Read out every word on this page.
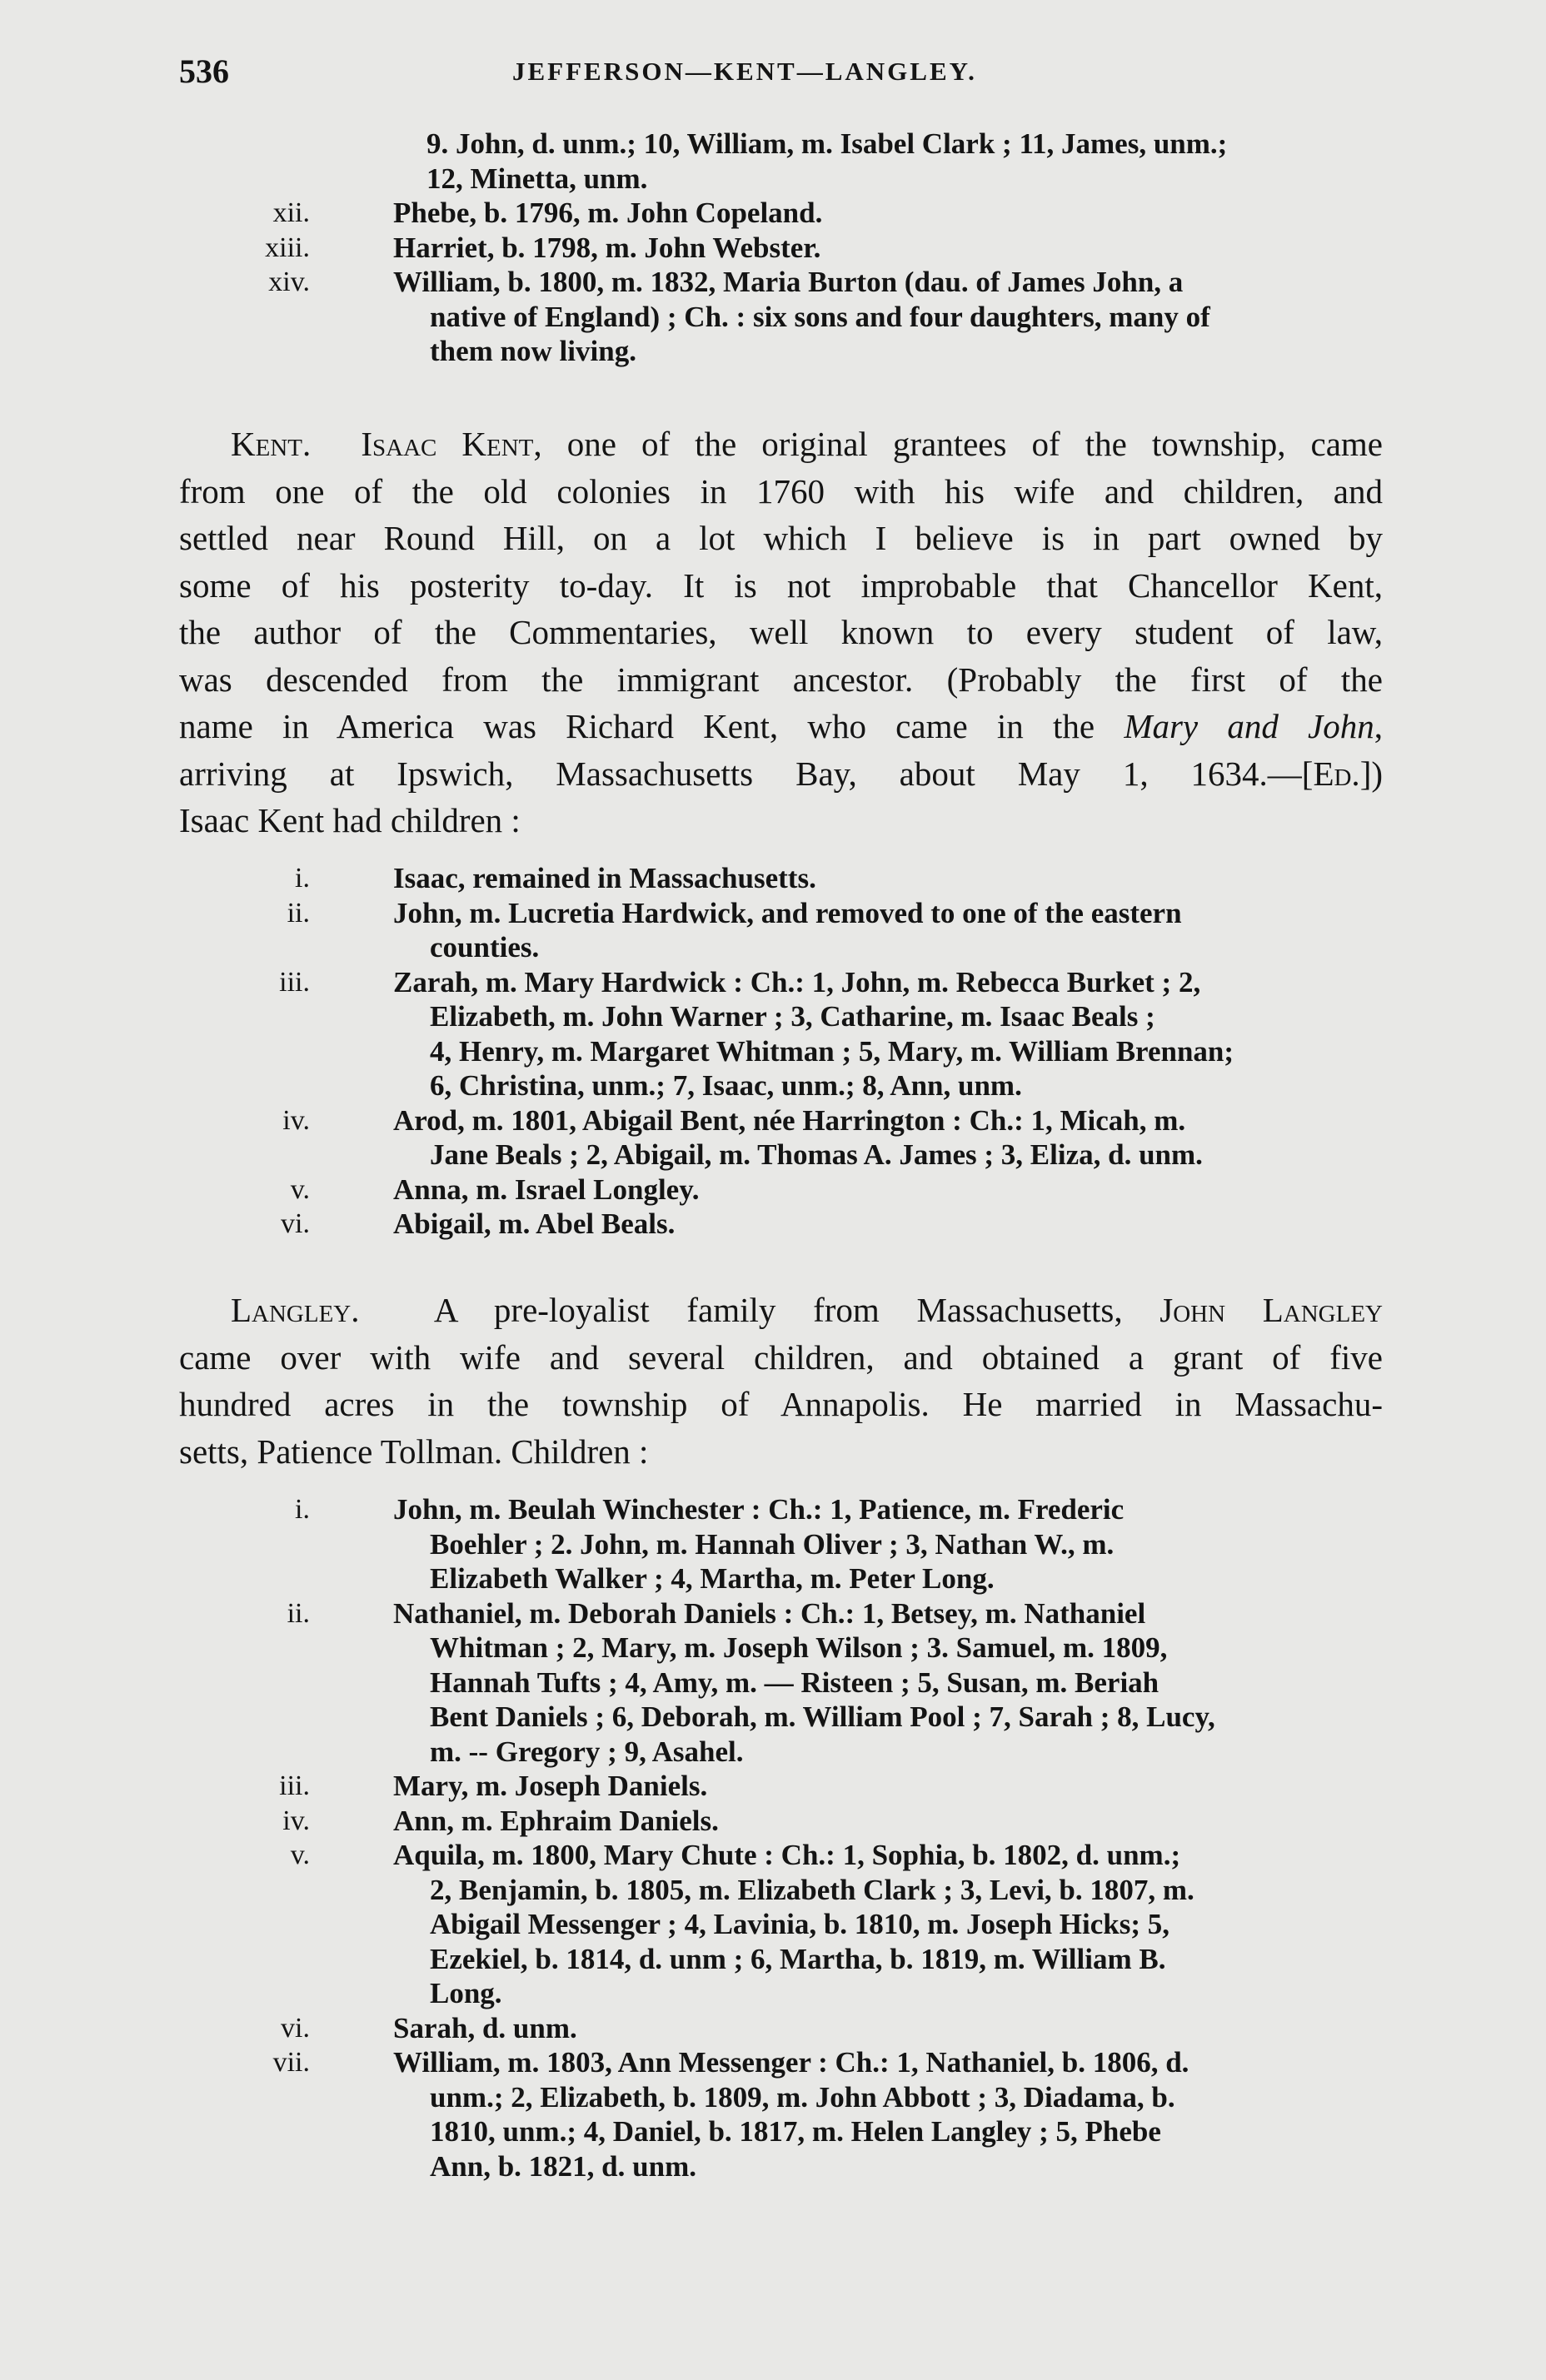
536	JEFFERSON—KENT—LANGLEY.
9. John, d. unm.; 10, William, m. Isabel Clark ; 11, James, unm.;
12, Minetta, unm.
xii.	Phebe, b. 1796, m. John Copeland.
xiii.	Harriet, b. 1798, m. John Webster.
xiv.	William, b. 1800, m. 1832, Maria Burton (dau. of James John, a
native of England) ; Ch. : six sons and four daughters, many of
them now living.
Kent. Isaac Kent, one of the original grantees of the township, came
from one of the old colonies in 1760 with his wife and children, and
settled near Round Hill, on a lot which I believe is in part owned by
some of his posterity to-day. It is not improbable that Chancellor Kent,
the author of the Commentaries, well known to every student of law,
was descended from the immigrant ancestor. (Probably the first of the
name in America was Richard Kent, who came in the Mary and John,
arriving at Ipswich, Massachusetts Bay, about May 1, 1634.—[Ed.])
Isaac Kent had children :
i.	Isaac, remained in Massachusetts.
ii.	John, m. Lucretia Hardwick, and removed to one of the eastern
counties.
iii.	Zarah, m. Mary Hardwick : Ch.: 1, John, m. Rebecca Burket ; 2,
Elizabeth, m. John Warner ; 3, Catharine, m. Isaac Beals ;
4, Henry, m. Margaret Whitman ; 5, Mary, m. William Brennan;
6, Christina, unm.; 7, Isaac, unm.; 8, Ann, unm.
iv.	Arod, m. 1801, Abigail Bent, née Harrington : Ch.: 1, Micah, m.
Jane Beals ; 2, Abigail, m. Thomas A. James ; 3, Eliza, d. unm.
v.	Anna, m. Israel Longley.
vi.	Abigail, m. Abel Beals.
Langley. A pre-loyalist family from Massachusetts, John Langley
came over with wife and several children, and obtained a grant of five
hundred acres in the township of Annapolis. He married in Massachu-
setts, Patience Tollman. Children :
i.	John, m. Beulah Winchester : Ch.: 1, Patience, m. Frederic
Boehler ; 2. John, m. Hannah Oliver ; 3, Nathan W., m.
Elizabeth Walker ; 4, Martha, m. Peter Long.
ii.	Nathaniel, m. Deborah Daniels : Ch.: 1, Betsey, m. Nathaniel
Whitman ; 2, Mary, m. Joseph Wilson ; 3. Samuel, m. 1809,
Hannah Tufts ; 4, Amy, m. — Risteen ; 5, Susan, m. Beriah
Bent Daniels ; 6, Deborah, m. William Pool ; 7, Sarah ; 8, Lucy,
m. -- Gregory ; 9, Asahel.
iii.	Mary, m. Joseph Daniels.
iv.	Ann, m. Ephraim Daniels.
v.	Aquila, m. 1800, Mary Chute : Ch.: 1, Sophia, b. 1802, d. unm.;
2, Benjamin, b. 1805, m. Elizabeth Clark ; 3, Levi, b. 1807, m.
Abigail Messenger ; 4, Lavinia, b. 1810, m. Joseph Hicks; 5,
Ezekiel, b. 1814, d. unm ; 6, Martha, b. 1819, m. William B.
Long.
vi.	Sarah, d. unm.
vii.	William, m. 1803, Ann Messenger : Ch.: 1, Nathaniel, b. 1806, d.
unm.; 2, Elizabeth, b. 1809, m. John Abbott ; 3, Diadama, b.
1810, unm.; 4, Daniel, b. 1817, m. Helen Langley ; 5, Phebe
Ann, b. 1821, d. unm.
